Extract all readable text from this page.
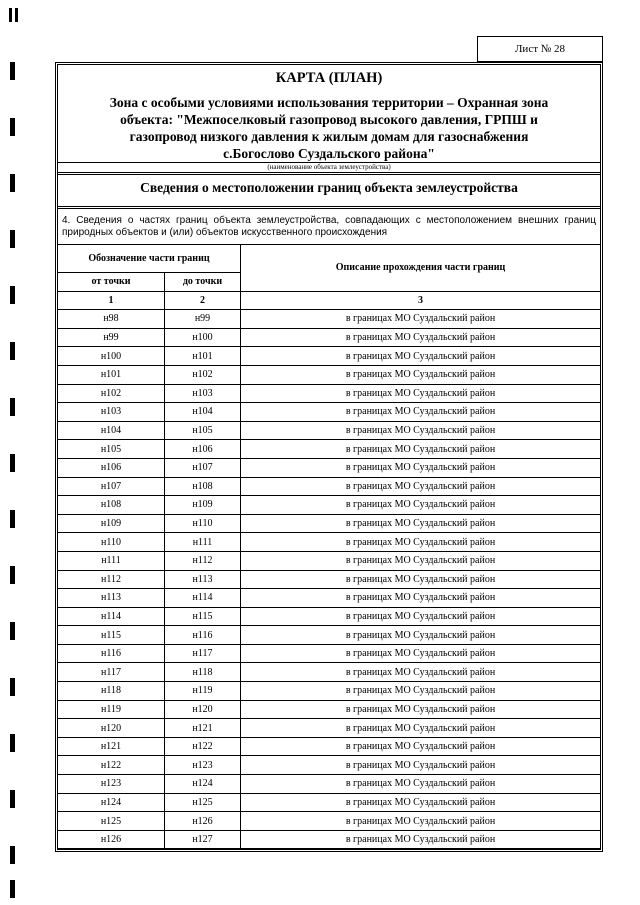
Лист № 28
КАРТА (ПЛАН)
Зона с особыми условиями использования территории – Охранная зона
объекта: "Межпоселковый газопровод высокого давления, ГРПШ и
газопровод низкого давления к жилым домам для газоснабжения
с.Богослово Суздальского района"
(наименование объекта землеустройства)
Сведения о местоположении границ объекта землеустройства
4. Сведения о частях границ объекта землеустройства, совпадающих с местоположением внешних границ природных объектов и (или) объектов искусственного происхождения
Обозначение части границ		Описание прохождения части границ
от точки	до точки	
1	2	3
н98	н99	в границах МО Суздальский район
н99	н100	в границах МО Суздальский район
н100	н101	в границах МО Суздальский район
н101	н102	в границах МО Суздальский район
н102	н103	в границах МО Суздальский район
н103	н104	в границах МО Суздальский район
н104	н105	в границах МО Суздальский район
н105	н106	в границах МО Суздальский район
н106	н107	в границах МО Суздальский район
н107	н108	в границах МО Суздальский район
н108	н109	в границах МО Суздальский район
н109	н110	в границах МО Суздальский район
н110	н111	в границах МО Суздальский район
н111	н112	в границах МО Суздальский район
н112	н113	в границах МО Суздальский район
н113	н114	в границах МО Суздальский район
н114	н115	в границах МО Суздальский район
н115	н116	в границах МО Суздальский район
н116	н117	в границах МО Суздальский район
н117	н118	в границах МО Суздальский район
н118	н119	в границах МО Суздальский район
н119	н120	в границах МО Суздальский район
н120	н121	в границах МО Суздальский район
н121	н122	в границах МО Суздальский район
н122	н123	в границах МО Суздальский район
н123	н124	в границах МО Суздальский район
н124	н125	в границах МО Суздальский район
н125	н126	в границах МО Суздальский район
н126	н127	в границах МО Суздальский район
